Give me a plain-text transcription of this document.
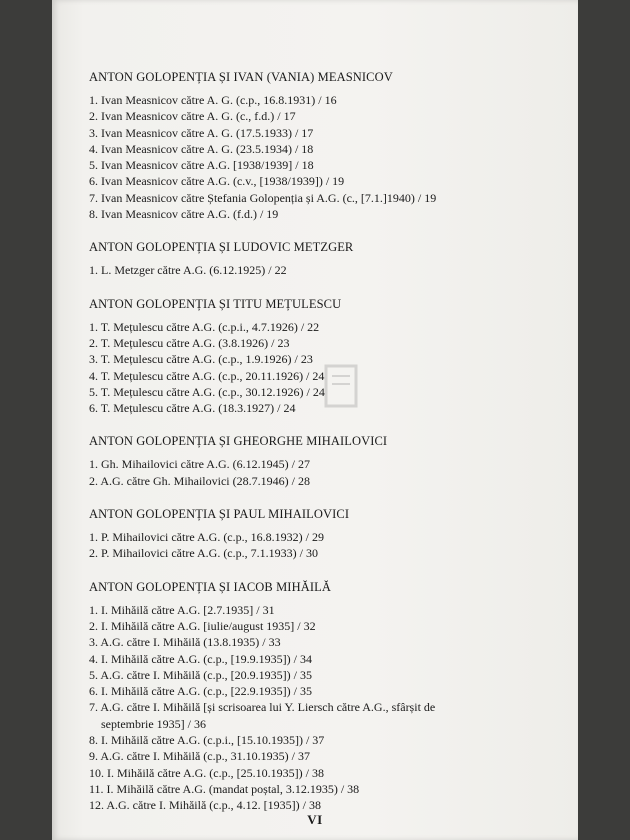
ANTON GOLOPENȚIA ȘI IVAN (VANIA) MEASNICOV
1. Ivan Measnicov către A. G. (c.p., 16.8.1931) / 16
2. Ivan Measnicov către A. G. (c., f.d.) / 17
3. Ivan Measnicov către A. G. (17.5.1933) / 17
4. Ivan Measnicov către A. G. (23.5.1934) / 18
5. Ivan Measnicov către A.G. [1938/1939] / 18
6. Ivan Measnicov către A.G. (c.v., [1938/1939]) / 19
7. Ivan Measnicov către Ștefania Golopenția și A.G. (c., [7.1.]1940) / 19
8. Ivan Measnicov către A.G. (f.d.) / 19
ANTON GOLOPENȚIA ȘI LUDOVIC METZGER
1. L. Metzger către A.G. (6.12.1925) / 22
ANTON GOLOPENȚIA ȘI TITU MEȚULESCU
1. T. Mețulescu către A.G. (c.p.i., 4.7.1926) / 22
2. T. Mețulescu către A.G. (3.8.1926) / 23
3. T. Mețulescu către A.G. (c.p., 1.9.1926) / 23
4. T. Mețulescu către A.G. (c.p., 20.11.1926) / 24
5. T. Mețulescu către A.G. (c.p., 30.12.1926) / 24
6. T. Mețulescu către A.G. (18.3.1927) / 24
ANTON GOLOPENȚIA ȘI GHEORGHE MIHAILOVICI
1. Gh. Mihailovici către A.G. (6.12.1945) / 27
2. A.G. către Gh. Mihailovici (28.7.1946) / 28
ANTON GOLOPENȚIA ȘI PAUL MIHAILOVICI
1. P. Mihailovici către A.G. (c.p., 16.8.1932) / 29
2. P. Mihailovici către A.G. (c.p., 7.1.1933) / 30
ANTON GOLOPENȚIA ȘI IACOB MIHĂILĂ
1. I. Mihăilă către A.G. [2.7.1935] / 31
2. I. Mihăilă către A.G. [iulie/august 1935] / 32
3. A.G. către I. Mihăilă (13.8.1935) / 33
4. I. Mihăilă către A.G. (c.p., [19.9.1935]) / 34
5. A.G. către I. Mihăilă (c.p., [20.9.1935]) / 35
6. I. Mihăilă către A.G. (c.p., [22.9.1935]) / 35
7. A.G. către I. Mihăilă [și scrisoarea lui Y. Liersch către A.G., sfârșit de
septembrie 1935] / 36
8. I. Mihăilă către A.G. (c.p.i., [15.10.1935]) / 37
9. A.G. către I. Mihăilă (c.p., 31.10.1935) / 37
10. I. Mihăilă către A.G. (c.p., [25.10.1935]) / 38
11. I. Mihăilă către A.G. (mandat poștal, 3.12.1935) / 38
12. A.G. către I. Mihăilă (c.p., 4.12. [1935]) / 38
VI
